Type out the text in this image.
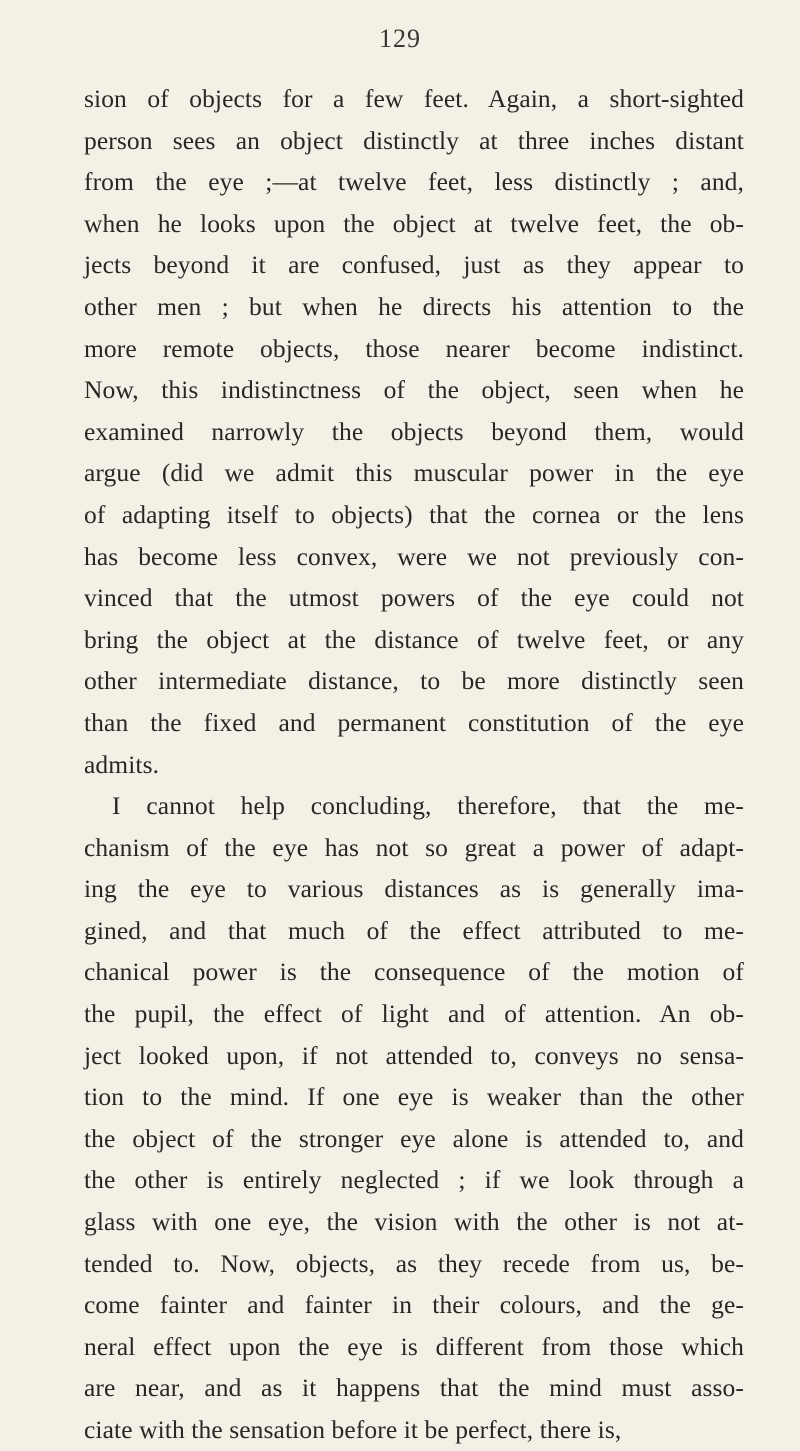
129
sion of objects for a few feet. Again, a short-sighted
person sees an object distinctly at three inches distant
from the eye ;—at twelve feet, less distinctly ; and,
when he looks upon the object at twelve feet, the ob-
jects beyond it are confused, just as they appear to
other men ; but when he directs his attention to the
more remote objects, those nearer become indistinct.
Now, this indistinctness of the object, seen when he
examined narrowly the objects beyond them, would
argue (did we admit this muscular power in the eye
of adapting itself to objects) that the cornea or the lens
has become less convex, were we not previously con-
vinced that the utmost powers of the eye could not
bring the object at the distance of twelve feet, or any
other intermediate distance, to be more distinctly seen
than the fixed and permanent constitution of the eye
admits.
I cannot help concluding, therefore, that the me-
chanism of the eye has not so great a power of adapt-
ing the eye to various distances as is generally ima-
gined, and that much of the effect attributed to me-
chanical power is the consequence of the motion of
the pupil, the effect of light and of attention. An ob-
ject looked upon, if not attended to, conveys no sensa-
tion to the mind. If one eye is weaker than the other
the object of the stronger eye alone is attended to, and
the other is entirely neglected ; if we look through a
glass with one eye, the vision with the other is not at-
tended to. Now, objects, as they recede from us, be-
come fainter and fainter in their colours, and the ge-
neral effect upon the eye is different from those which
are near, and as it happens that the mind must asso-
ciate with the sensation before it be perfect, there is,
